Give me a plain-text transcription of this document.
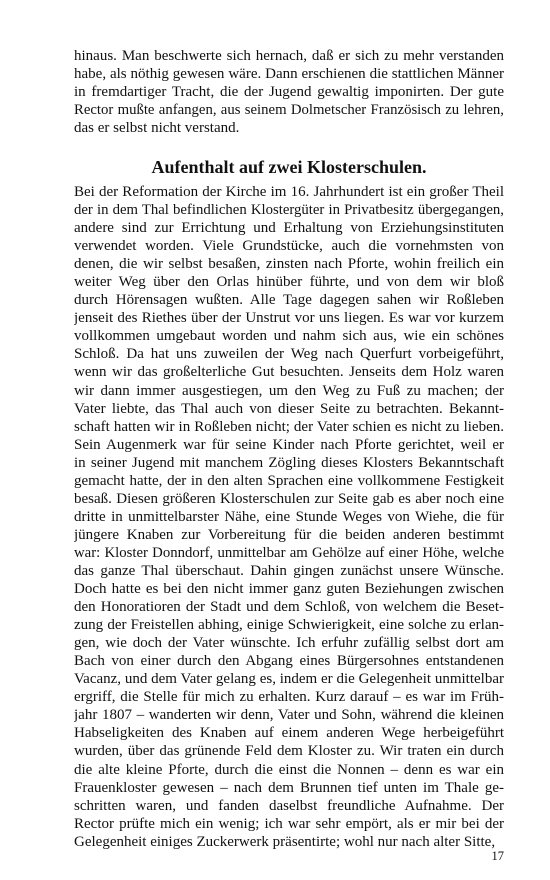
hinaus. Man beschwerte sich hernach, daß er sich zu mehr verstanden
habe, als nöthig gewesen wäre. Dann erschienen die stattlichen Männer
in fremdartiger Tracht, die der Jugend gewaltig imponirten. Der gute
Rector mußte anfangen, aus seinem Dolmetscher Französisch zu lehren,
das er selbst nicht verstand.
Aufenthalt auf zwei Klosterschulen.
Bei der Reformation der Kirche im 16. Jahrhundert ist ein großer Theil
der in dem Thal befindlichen Klostergüter in Privatbesitz übergegangen,
andere sind zur Errichtung und Erhaltung von Erziehungsinstituten
verwendet worden. Viele Grundstücke, auch die vornehmsten von
denen, die wir selbst besaßen, zinsten nach Pforte, wohin freilich ein
weiter Weg über den Orlas hinüber führte, und von dem wir bloß
durch Hörensagen wußten. Alle Tage dagegen sahen wir Roßleben
jenseit des Riethes über der Unstrut vor uns liegen. Es war vor kurzem
vollkommen umgebaut worden und nahm sich aus, wie ein schönes
Schloß. Da hat uns zuweilen der Weg nach Querfurt vorbeigeführt,
wenn wir das großelterliche Gut besuchten. Jenseits dem Holz waren
wir dann immer ausgestiegen, um den Weg zu Fuß zu machen; der
Vater liebte, das Thal auch von dieser Seite zu betrachten. Bekannt-
schaft hatten wir in Roßleben nicht; der Vater schien es nicht zu lieben.
Sein Augenmerk war für seine Kinder nach Pforte gerichtet, weil er
in seiner Jugend mit manchem Zögling dieses Klosters Bekanntschaft
gemacht hatte, der in den alten Sprachen eine vollkommene Festigkeit
besaß. Diesen größeren Klosterschulen zur Seite gab es aber noch eine
dritte in unmittelbarster Nähe, eine Stunde Weges von Wiehe, die für
jüngere Knaben zur Vorbereitung für die beiden anderen bestimmt
war: Kloster Donndorf, unmittelbar am Gehölze auf einer Höhe, welche
das ganze Thal überschaut. Dahin gingen zunächst unsere Wünsche.
Doch hatte es bei den nicht immer ganz guten Beziehungen zwischen
den Honoratioren der Stadt und dem Schloß, von welchem die Beset-
zung der Freistellen abhing, einige Schwierigkeit, eine solche zu erlan-
gen, wie doch der Vater wünschte. Ich erfuhr zufällig selbst dort am
Bach von einer durch den Abgang eines Bürgersohnes entstandenen
Vacanz, und dem Vater gelang es, indem er die Gelegenheit unmittelbar
ergriff, die Stelle für mich zu erhalten. Kurz darauf – es war im Früh-
jahr 1807 – wanderten wir denn, Vater und Sohn, während die kleinen
Habseligkeiten des Knaben auf einem anderen Wege herbeigeführt
wurden, über das grünende Feld dem Kloster zu. Wir traten ein durch
die alte kleine Pforte, durch die einst die Nonnen – denn es war ein
Frauenkloster gewesen – nach dem Brunnen tief unten im Thale ge-
schritten waren, und fanden daselbst freundliche Aufnahme. Der
Rector prüfte mich ein wenig; ich war sehr empört, als er mir bei der
Gelegenheit einiges Zuckerwerk präsentirte; wohl nur nach alter Sitte,
17
